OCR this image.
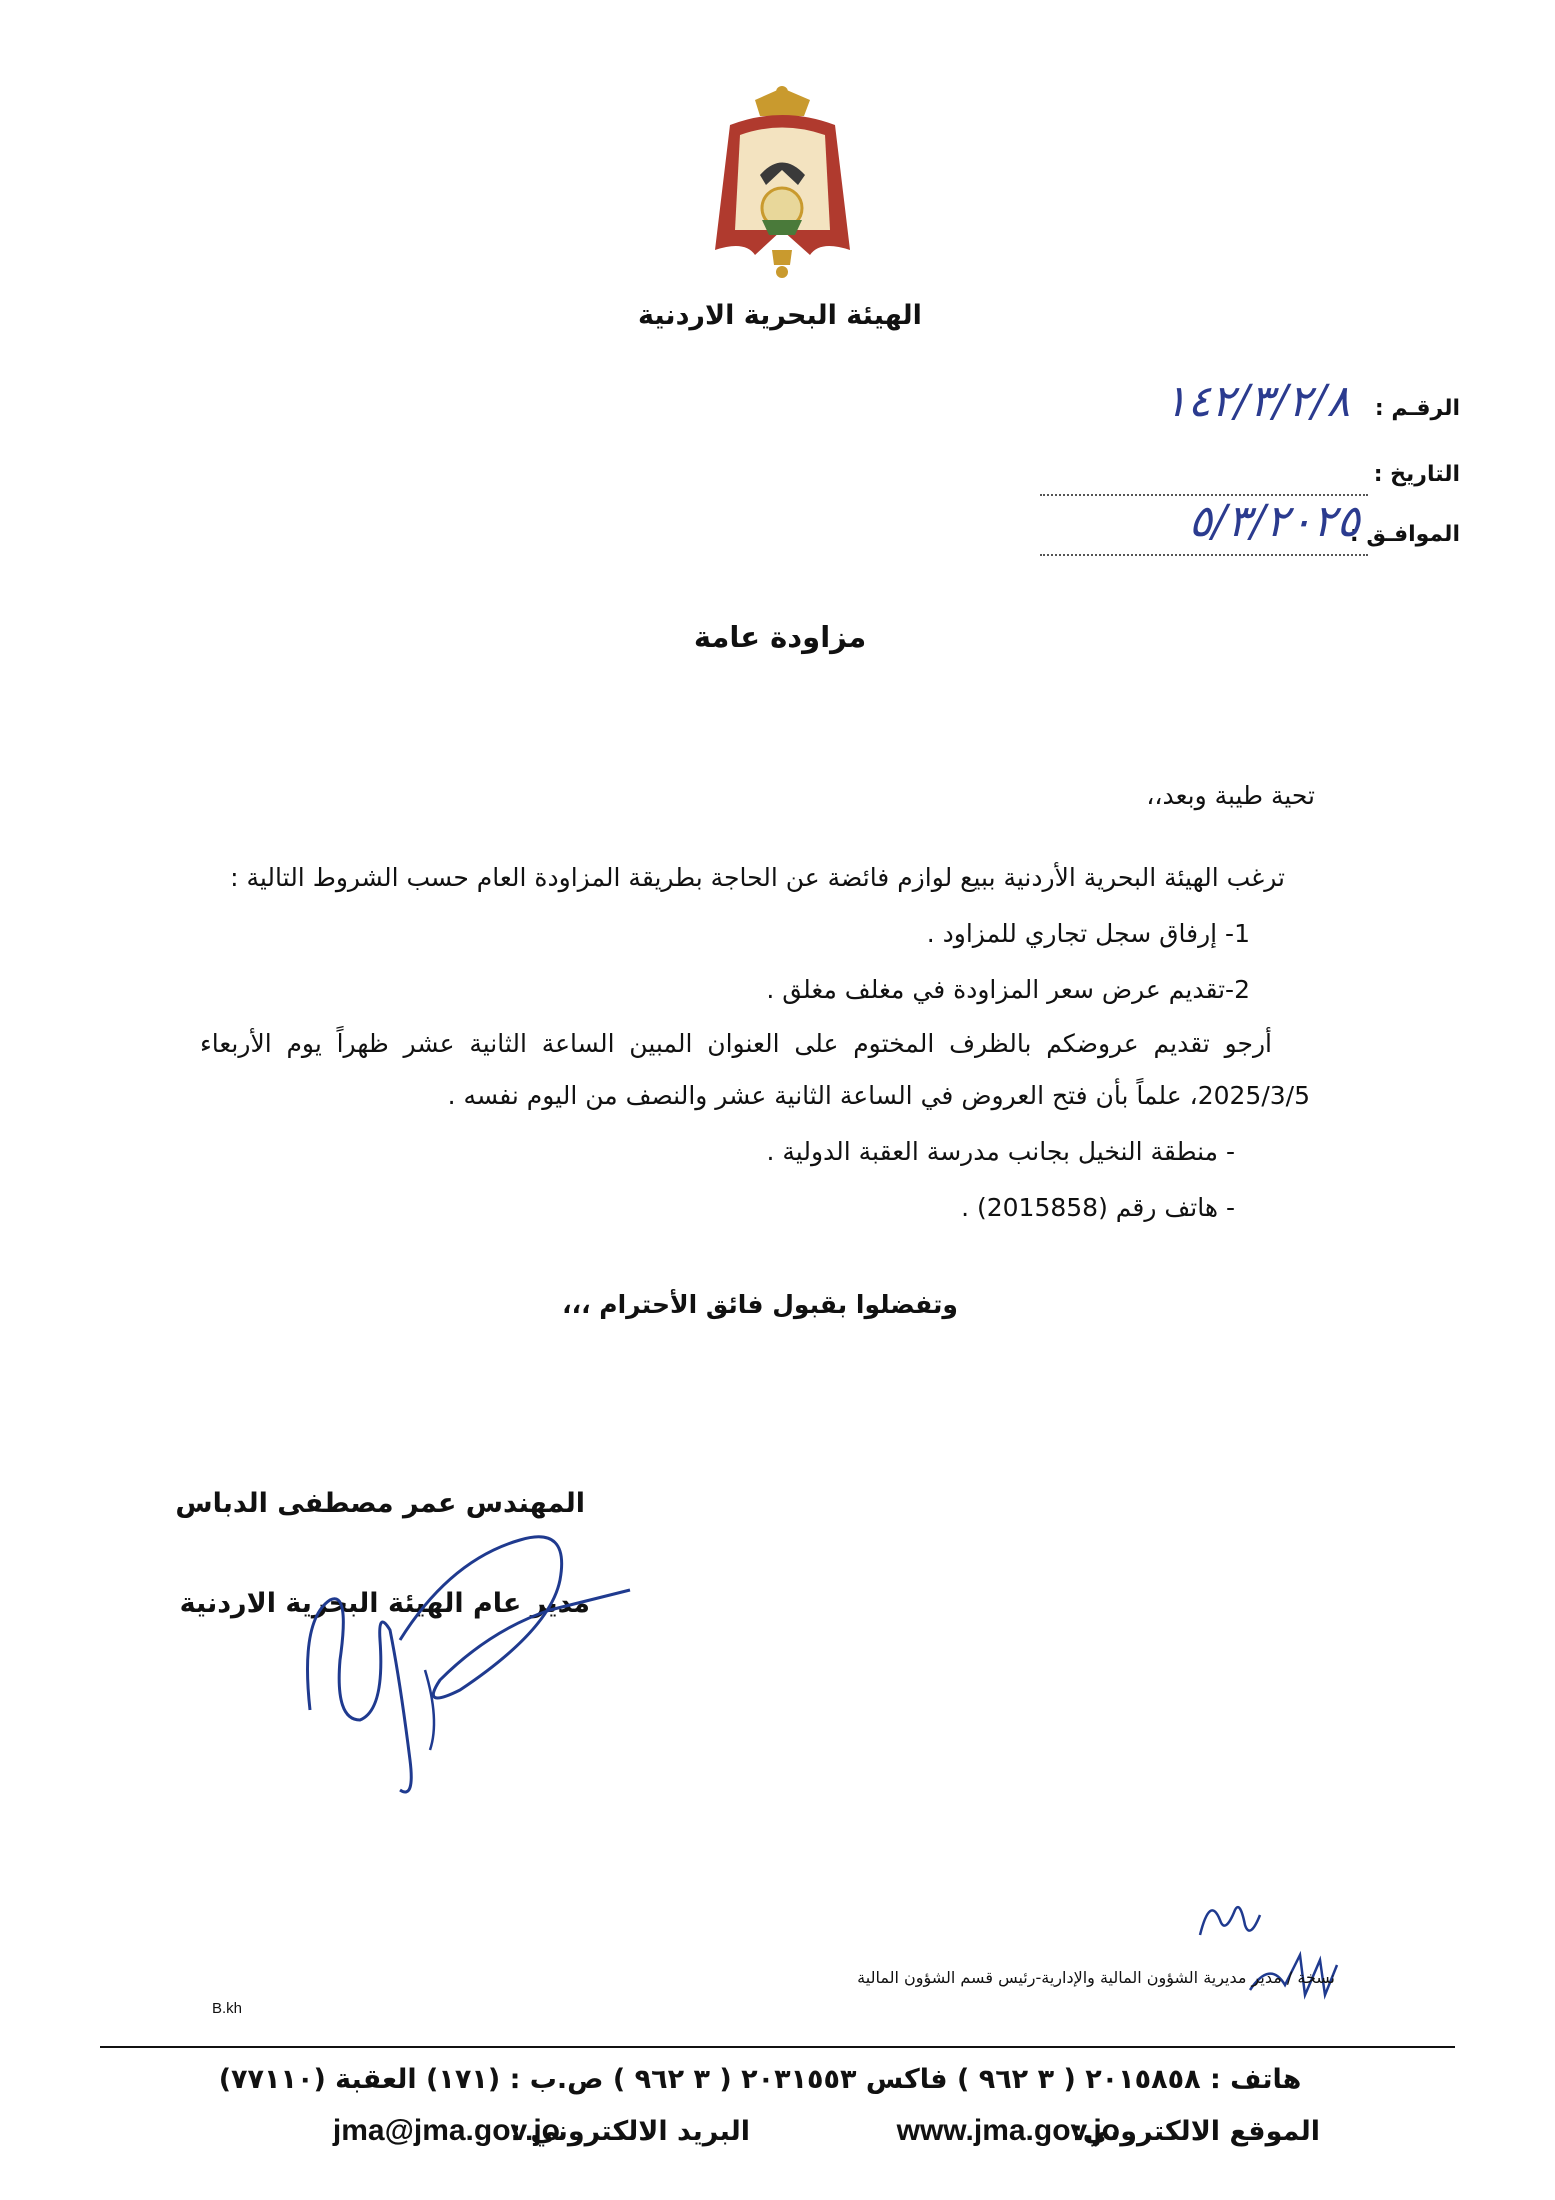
الهيئة البحرية الاردنية
الرقـم :
١٤٢/٣/٢/٨
التاريخ :
الموافـق :
٥/٣/٢٠٢٥
مزاودة عامة
تحية طيبة وبعد،،
ترغب الهيئة البحرية الأردنية ببيع لوازم فائضة عن الحاجة بطريقة المزاودة العام حسب الشروط التالية :
1- إرفاق سجل تجاري للمزاود .
2-تقديم عرض سعر المزاودة في مغلف مغلق .
أرجو تقديم عروضكم بالظرف المختوم على العنوان المبين الساعة الثانية عشر ظهراً يوم الأربعاء
2025/3/5، علماً بأن فتح العروض في الساعة الثانية عشر والنصف من اليوم نفسه .
- منطقة النخيل بجانب مدرسة العقبة الدولية .
- هاتف رقم (2015858) .
وتفضلوا بقبول فائق الأحترام ،،،
المهندس عمر مصطفى الدباس
مدير عام الهيئة البحرية الاردنية
نسخة / مدير مديرية الشؤون المالية والإدارية-رئيس قسم الشؤون المالية
B.kh
هاتف : ٢٠١٥٨٥٨ ( ٣ ٩٦٢ ) فاكس ٢٠٣١٥٥٣ ( ٣ ٩٦٢ ) ص.ب : (١٧١) العقبة (٧٧١١٠)
الموقع الالكتروني:
www.jma.gov.jo
البريد الالكتروني :
jma@jma.gov.jo
